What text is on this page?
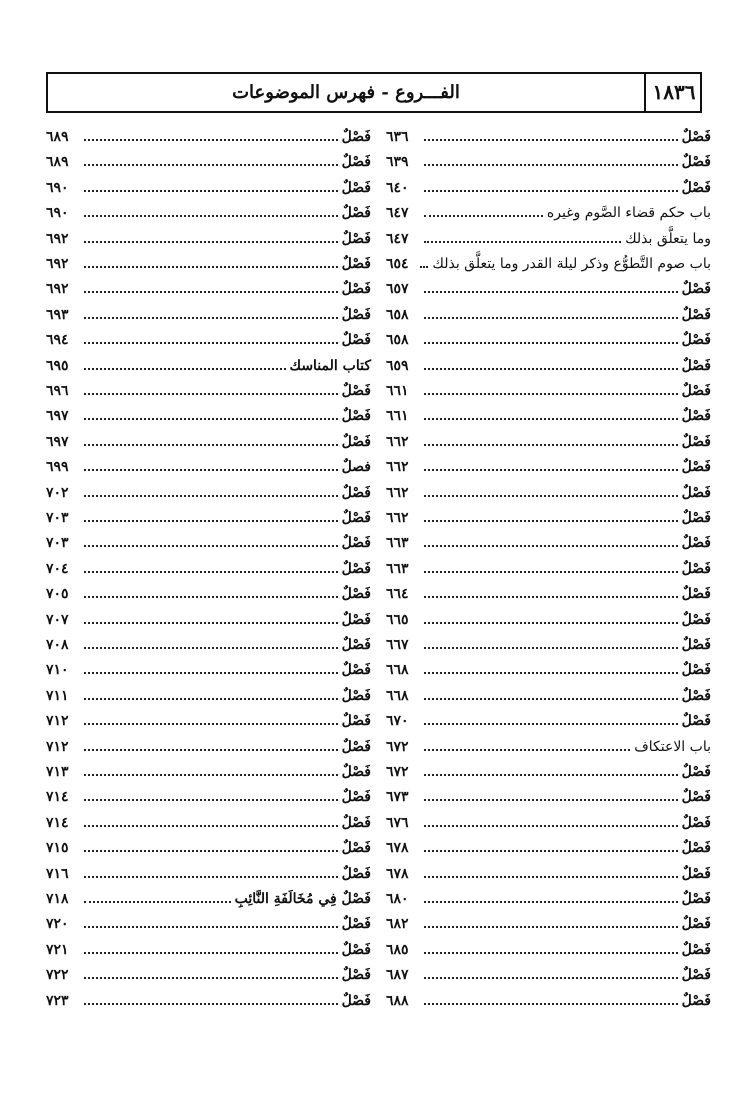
الفـــروع - فهرس الموضوعات	١٨٣٦
فَصْلٌ
٦٣٦
فَصْلٌ
٦٣٩
فَصْلٌ
٦٤٠
باب حكم قضاء الصَّوم وغيره
٦٤٧
وما يتعلَّق بذلك
٦٤٧
باب صوم التَّطوُّع وذكر ليلة القدر وما يتعلَّق بذلك
٦٥٤
فَصْلٌ
٦٥٧
فَصْلٌ
٦٥٨
فَصْلٌ
٦٥٨
فَصْلٌ
٦٥٩
فَصْلٌ
٦٦١
فَصْلٌ
٦٦١
فَصْلٌ
٦٦٢
فَصْلٌ
٦٦٢
فَصْلٌ
٦٦٢
فَصْلٌ
٦٦٢
فَصْلٌ
٦٦٣
فَصْلٌ
٦٦٣
فَصْلٌ
٦٦٤
فَصْلٌ
٦٦٥
فَصْلٌ
٦٦٧
فَصْلٌ
٦٦٨
فَصْلٌ
٦٦٨
فَصْلٌ
٦٧٠
باب الاعتكاف
٦٧٢
فَصْلٌ
٦٧٢
فَصْلٌ
٦٧٣
فَصْلٌ
٦٧٦
فَصْلٌ
٦٧٨
فَصْلٌ
٦٧٨
فَصْلٌ
٦٨٠
فَصْلٌ
٦٨٢
فَصْلٌ
٦٨٥
فَصْلٌ
٦٨٧
فَصْلٌ
٦٨٨
فَصْلٌ
٦٨٩
فَصْلٌ
٦٨٩
فَصْلٌ
٦٩٠
فَصْلٌ
٦٩٠
فَصْلٌ
٦٩٢
فَصْلٌ
٦٩٢
فَصْلٌ
٦٩٢
فَصْلٌ
٦٩٣
فَصْلٌ
٦٩٤
كتاب المناسك
٦٩٥
فَصْلٌ
٦٩٦
فَصْلٌ
٦٩٧
فَصْلٌ
٦٩٧
فصلٌ
٦٩٩
فَصْلٌ
٧٠٢
فَصْلٌ
٧٠٣
فَصْلٌ
٧٠٣
فَصْلٌ
٧٠٤
فَصْلٌ
٧٠٥
فَصْلٌ
٧٠٧
فَصْلٌ
٧٠٨
فَصْلٌ
٧١٠
فَصْلٌ
٧١١
فَصْلٌ
٧١٢
فَصْلٌ
٧١٢
فَصْلٌ
٧١٣
فَصْلٌ
٧١٤
فَصْلٌ
٧١٤
فَصْلٌ
٧١٥
فَصْلٌ
٧١٦
فَصْلٌ فِي مُخَالَفَةِ النَّائِبِ
٧١٨
فَصْلٌ
٧٢٠
فَصْلٌ
٧٢١
فَصْلٌ
٧٢٢
فَصْلٌ
٧٢٣
